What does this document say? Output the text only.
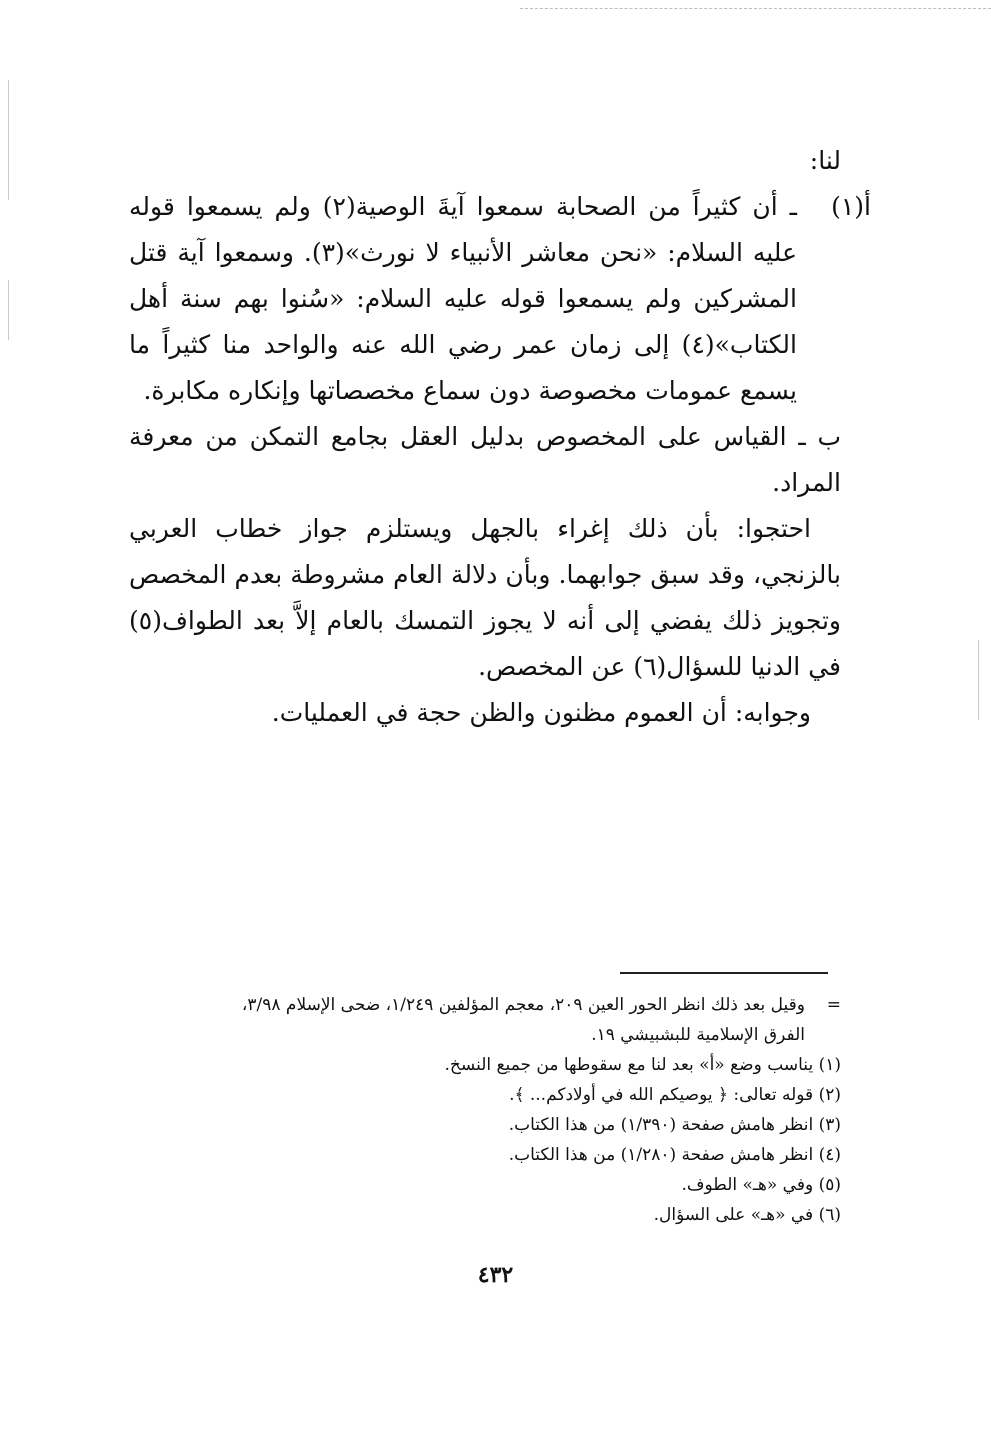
لنا:

أ(١)
ـ أن كثيراً من الصحابة سمعوا آيةَ الوصية(٢) ولم يسمعوا قوله عليه السلام: «نحن معاشر الأنبياء لا نورث»(٣). وسمعوا آية قتل المشركين ولم يسمعوا قوله عليه السلام: «سُنوا بهم سنة أهل الكتاب»(٤) إلى زمان عمر رضي الله عنه والواحد منا كثيراً ما يسمع عمومات مخصوصة دون سماع مخصصاتها وإنكاره مكابرة.

ب ـ القياس على المخصوص بدليل العقل بجامع التمكن من معرفة المراد.

احتجوا: بأن ذلك إغراء بالجهل ويستلزم جواز خطاب العربي بالزنجي، وقد سبق جوابهما. وبأن دلالة العام مشروطة بعدم المخصص وتجويز ذلك يفضي إلى أنه لا يجوز التمسك بالعام إلاَّ بعد الطواف(٥) في الدنيا للسؤال(٦) عن المخصص.

وجوابه: أن العموم مظنون والظن حجة في العمليات.

=وقيل بعد ذلك انظر الحور العين ٢٠٩، معجم المؤلفين ١/٢٤٩، ضحى الإسلام ٣/٩٨،

الفرق الإسلامية للبشبيشي ١٩.

(١) يناسب وضع «أ» بعد لنا مع سقوطها من جميع النسخ.

(٢) قوله تعالى: ﴿ يوصيكم الله في أولادكم... ﴾.

(٣) انظر هامش صفحة (١/٣٩٠) من هذا الكتاب.

(٤) انظر هامش صفحة (١/٢٨٠) من هذا الكتاب.

(٥) وفي «هـ» الطوف.

(٦) في «هـ» على السؤال.

٤٣٢
